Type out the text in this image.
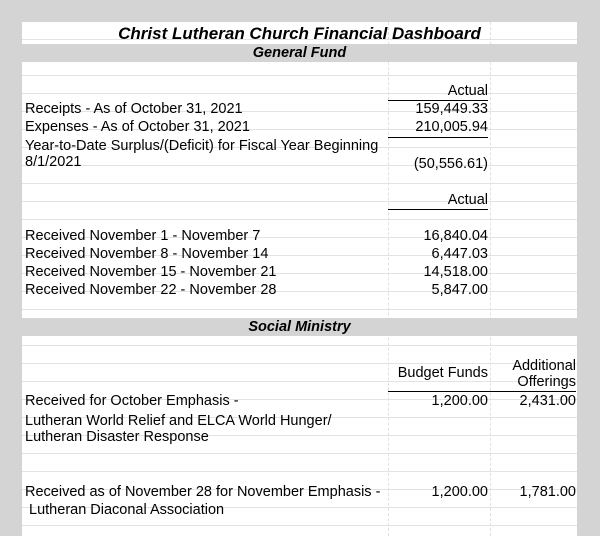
Christ Lutheran Church Financial Dashboard
General Fund
Actual
Receipts - As of October 31, 2021	159,449.33
Expenses - As of October 31, 2021	210,005.94
Year-to-Date Surplus/(Deficit) for Fiscal Year Beginning
8/1/2021	(50,556.61)
Actual
Received November 1 - November 7	16,840.04
Received November 8 - November 14	6,447.03
Received November 15 - November 21	14,518.00
Received November 22 - November 28	5,847.00
Social Ministry
Budget Funds Additional
Offerings
Received for October Emphasis -	1,200.00 2,431.00
Lutheran World Relief and ELCA World Hunger/
Lutheran Disaster Response
Received as of November 28 for November Emphasis -	1,200.00 1,781.00
Lutheran Diaconal Association
